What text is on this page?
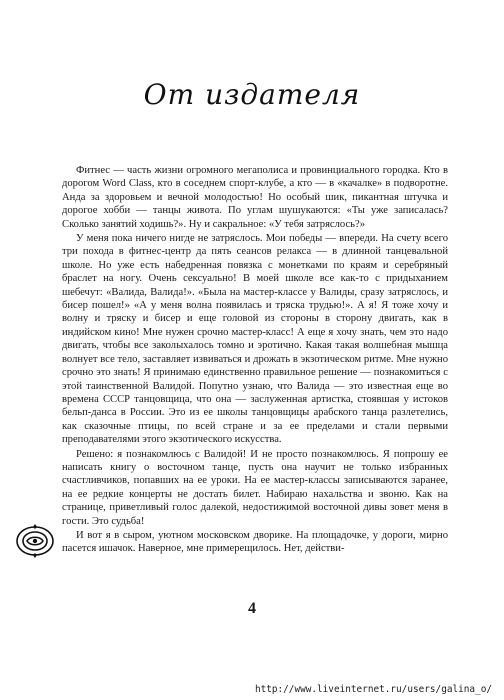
От издателя

Фитнес — часть жизни огромного мегаполиса и провинциального городка. Кто в дорогом Word Class, кто в соседнем спорт-клубе, а кто — в «качалке» в подворотне. Анда за здоровьем и вечной молодостью! Но особый шик, пикантная штучка и дорогое хобби — танцы живота. По углам шушукаются: «Ты уже записалась? Сколько занятий ходишь?». Ну и сакральное: «У тебя затряслось?»

У меня пока ничего нигде не затряслось. Мои победы — впереди. На счету всего три похода в фитнес-центр да пять сеансов релакса — в длинной танцевальной школе. Но уже есть набедренная повязка с монетками по краям и серебряный браслет на ногу. Очень сексуально! В моей школе все как-то с придыханием шебечут: «Валида, Валида!». «Была на мастер-классе у Валиды, сразу затряслось, и бисер пошел!» «А у меня волна появилась и тряска трудью!». А я! Я тоже хочу и волну и тряску и бисер и еще головой из стороны в сторону двигать, как в индийском кино! Мне нужен срочно мастер-класс! А еще я хочу знать, чем это надо двигать, чтобы все заколыхалось томно и эротично. Какая такая волшебная мышца волнует все тело, заставляет извиваться и дрожать в экзотическом ритме. Мне нужно срочно это знать! Я принимаю единственно правильное решение — познакомиться с этой таинственной Валидой. Попутно узнаю, что Валида — это известная еще во времена СССР танцовщица, что она — заслуженная артистка, стоявшая у истоков бельп-данса в России. Это из ее школы танцовщицы арабского танца разлетелись, как сказочные птицы, по всей стране и за ее пределами и стали первыми преподавателями этого экзотического искусства.

Решено: я познакомлюсь с Валидой! И не просто познакомлюсь. Я попрошу ее написать книгу о восточном танце, пусть она научит не только избранных счастливчиков, попавших на ее уроки. На ее мастер-классы записываются заранее, на ее редкие концерты не достать билет. Набираю нахальства и звоню. Как на странице, приветливый голос далекой, недостижимой восточной дивы зовет меня в гости. Это судьба!

И вот я в сыром, уютном московском дворике. На площадочке, у дороги, мирно пасется ишачок. Наверное, мне примерещилось. Нет, действи-

4
http://www.liveinternet.ru/users/galina_o/
